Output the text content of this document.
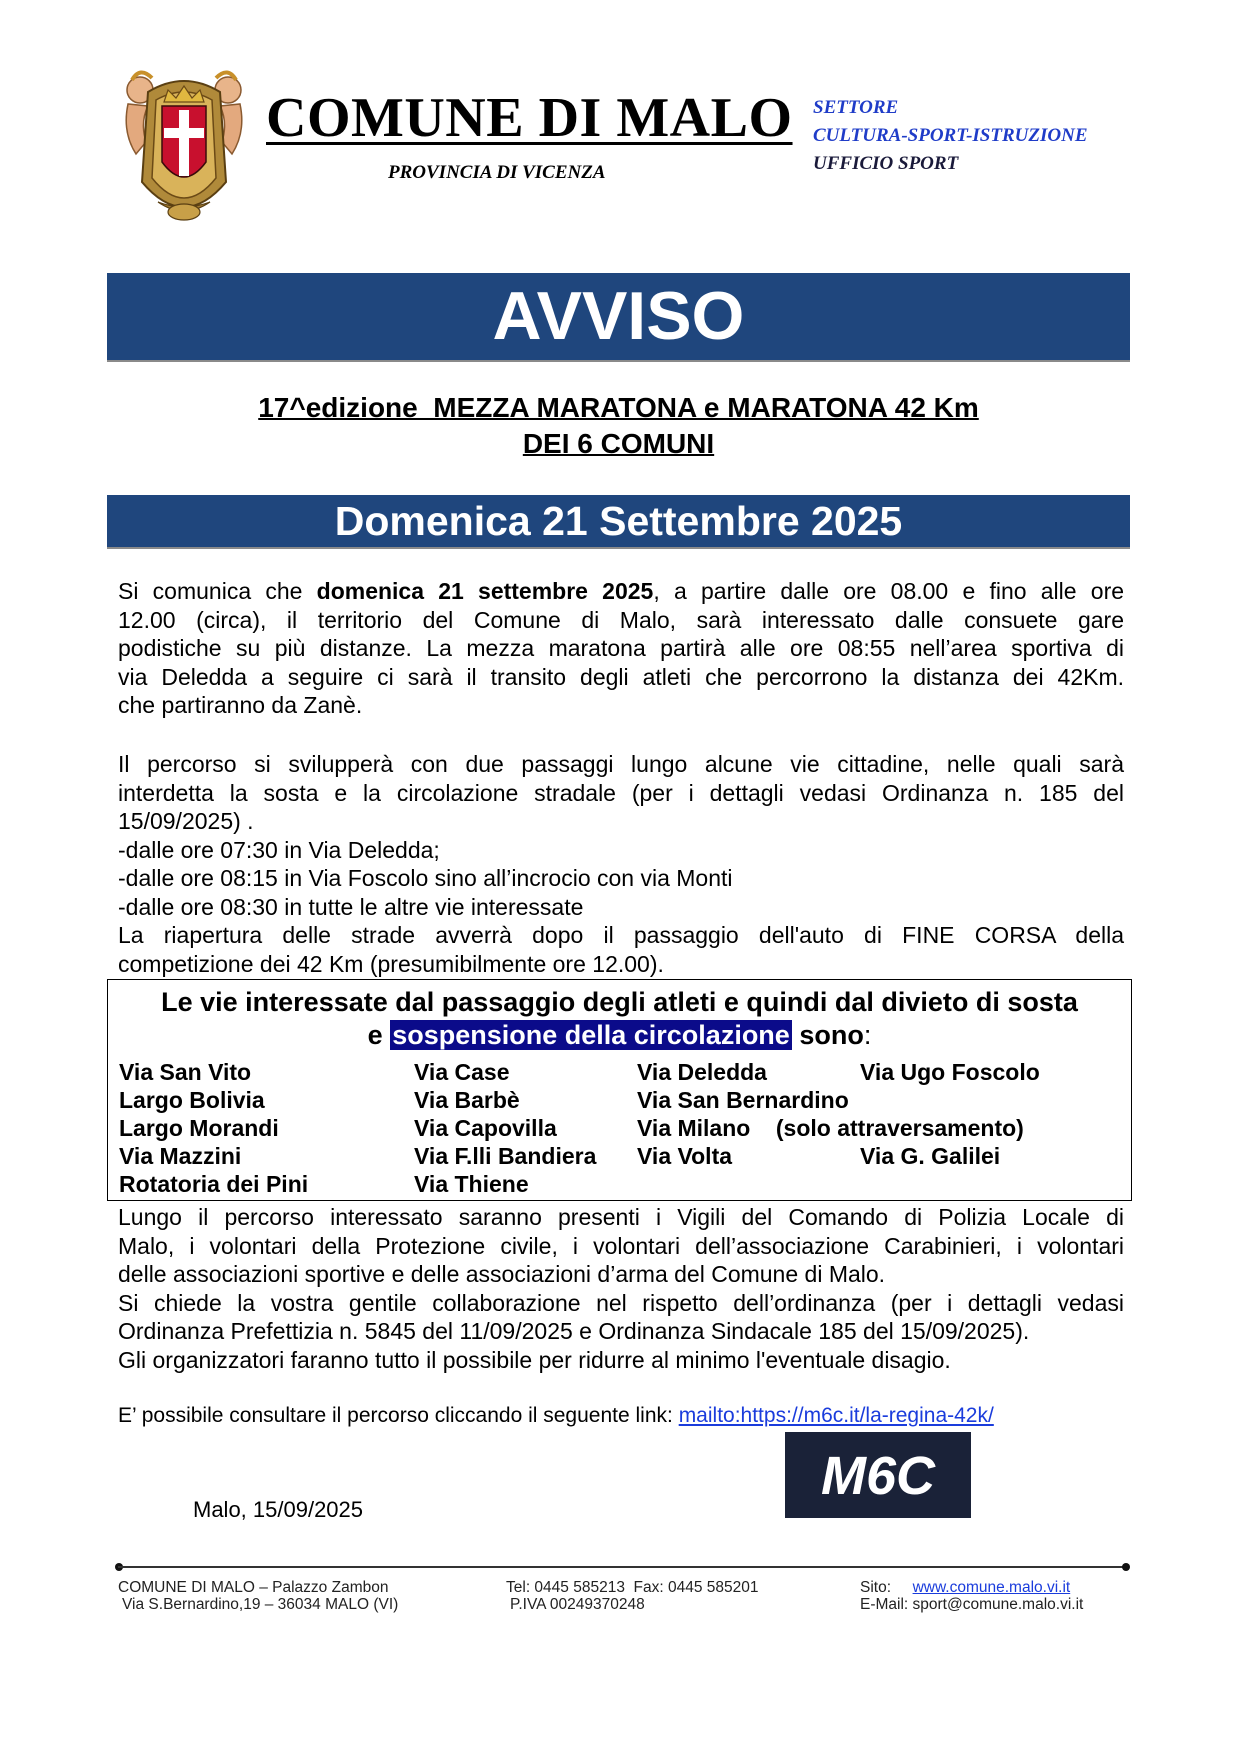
COMUNE DI MALO
PROVINCIA DI VICENZA
SETTORE
CULTURA-SPORT-ISTRUZIONE
UFFICIO SPORT
AVVISO
17^edizione  MEZZA MARATONA e MARATONA 42 Km
DEI 6 COMUNI
Domenica 21 Settembre 2025
Si comunica che domenica 21 settembre 2025, a partire dalle ore 08.00 e fino alle ore
12.00 (circa), il territorio del Comune di Malo, sarà interessato dalle consuete gare
podistiche su più distanze. La mezza maratona partirà alle ore 08:55 nell’area sportiva di
via Deledda a seguire ci sarà il transito degli atleti che percorrono la distanza dei 42Km.
che partiranno da Zanè.
Il percorso si svilupperà con due passaggi lungo alcune vie cittadine, nelle quali sarà
interdetta la sosta e la circolazione stradale (per i dettagli vedasi Ordinanza n. 185 del
15/09/2025) .
-dalle ore 07:30 in Via Deledda;
-dalle ore 08:15 in Via Foscolo sino all’incrocio con via Monti
-dalle ore 08:30 in tutte le altre vie interessate
La riapertura delle strade avverrà dopo il passaggio dell'auto di FINE CORSA della
competizione dei 42 Km (presumibilmente ore 12.00).
Le vie interessate dal passaggio degli atleti e quindi dal divieto di sosta
e sospensione della circolazione sono:
Via San Vito
Largo Bolivia
Largo Morandi
Via Mazzini
Rotatoria dei Pini
Via Case
Via Barbè
Via Capovilla
Via F.lli Bandiera
Via Thiene
Via Deledda
Via San Bernardino
Via Milano    (solo attraversamento)
Via Volta
Via Ugo Foscolo
Via G. Galilei
Lungo il percorso interessato saranno presenti i Vigili del Comando di Polizia Locale di
Malo, i volontari della Protezione civile, i volontari dell’associazione Carabinieri, i volontari
delle associazioni sportive e delle associazioni d’arma del Comune di Malo.
Si chiede la vostra gentile collaborazione nel rispetto dell’ordinanza (per i dettagli vedasi
Ordinanza Prefettizia n. 5845 del 11/09/2025 e Ordinanza Sindacale 185 del 15/09/2025).
Gli organizzatori faranno tutto il possibile per ridurre al minimo l'eventuale disagio.
E’ possibile consultare il percorso cliccando il seguente link: mailto:https://m6c.it/la-regina-42k/
M6C
Malo, 15/09/2025
COMUNE DI MALO – Palazzo Zambon
Via S.Bernardino,19 – 36034 MALO (VI)
Tel: 0445 585213  Fax: 0445 585201
P.IVA 00249370248
Sito: www.comune.malo.vi.it
E-Mail: sport@comune.malo.vi.it
